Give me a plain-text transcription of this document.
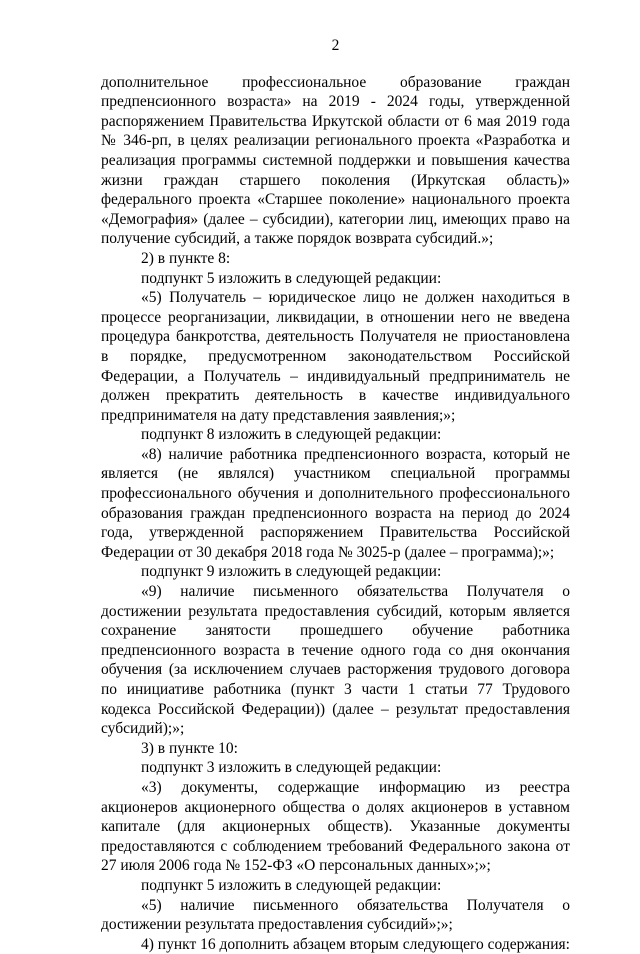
2

дополнительное профессиональное образование граждан предпенсионного возраста» на 2019 - 2024 годы, утвержденной распоряжением Правительства Иркутской области от 6 мая 2019 года № 346-рп, в целях реализации регионального проекта «Разработка и реализация программы системной поддержки и повышения качества жизни граждан старшего поколения (Иркутская область)» федерального проекта «Старшее поколение» национального проекта «Демография» (далее – субсидии), категории лиц, имеющих право на получение субсидий, а также порядок возврата субсидий.»;

2) в пункте 8:

подпункт 5 изложить в следующей редакции:

«5) Получатель – юридическое лицо не должен находиться в процессе реорганизации, ликвидации, в отношении него не введена процедура банкротства, деятельность Получателя не приостановлена в порядке, предусмотренном законодательством Российской Федерации, а Получатель – индивидуальный предприниматель не должен прекратить деятельность в качестве индивидуального предпринимателя на дату представления заявления;»;

подпункт 8 изложить в следующей редакции:

«8) наличие работника предпенсионного возраста, который не является (не являлся) участником специальной программы профессионального обучения и дополнительного профессионального образования граждан предпенсионного возраста на период до 2024 года, утвержденной распоряжением Правительства Российской Федерации от 30 декабря 2018 года № 3025-р (далее – программа);»;

подпункт 9 изложить в следующей редакции:

«9) наличие письменного обязательства Получателя о достижении результата предоставления субсидий, которым является сохранение занятости прошедшего обучение работника предпенсионного возраста в течение одного года со дня окончания обучения (за исключением случаев расторжения трудового договора по инициативе работника (пункт 3 части 1 статьи 77 Трудового кодекса Российской Федерации)) (далее – результат предоставления субсидий);»;

3) в пункте 10:

подпункт 3 изложить в следующей редакции:

«3) документы, содержащие информацию из реестра акционеров акционерного общества о долях акционеров в уставном капитале (для акционерных обществ). Указанные документы предоставляются с соблюдением требований Федерального закона от 27 июля 2006 года № 152-ФЗ «О персональных данных»;»;

подпункт 5 изложить в следующей редакции:

«5) наличие письменного обязательства Получателя о достижении результата предоставления субсидий»;»;

4) пункт 16 дополнить абзацем вторым следующего содержания:
